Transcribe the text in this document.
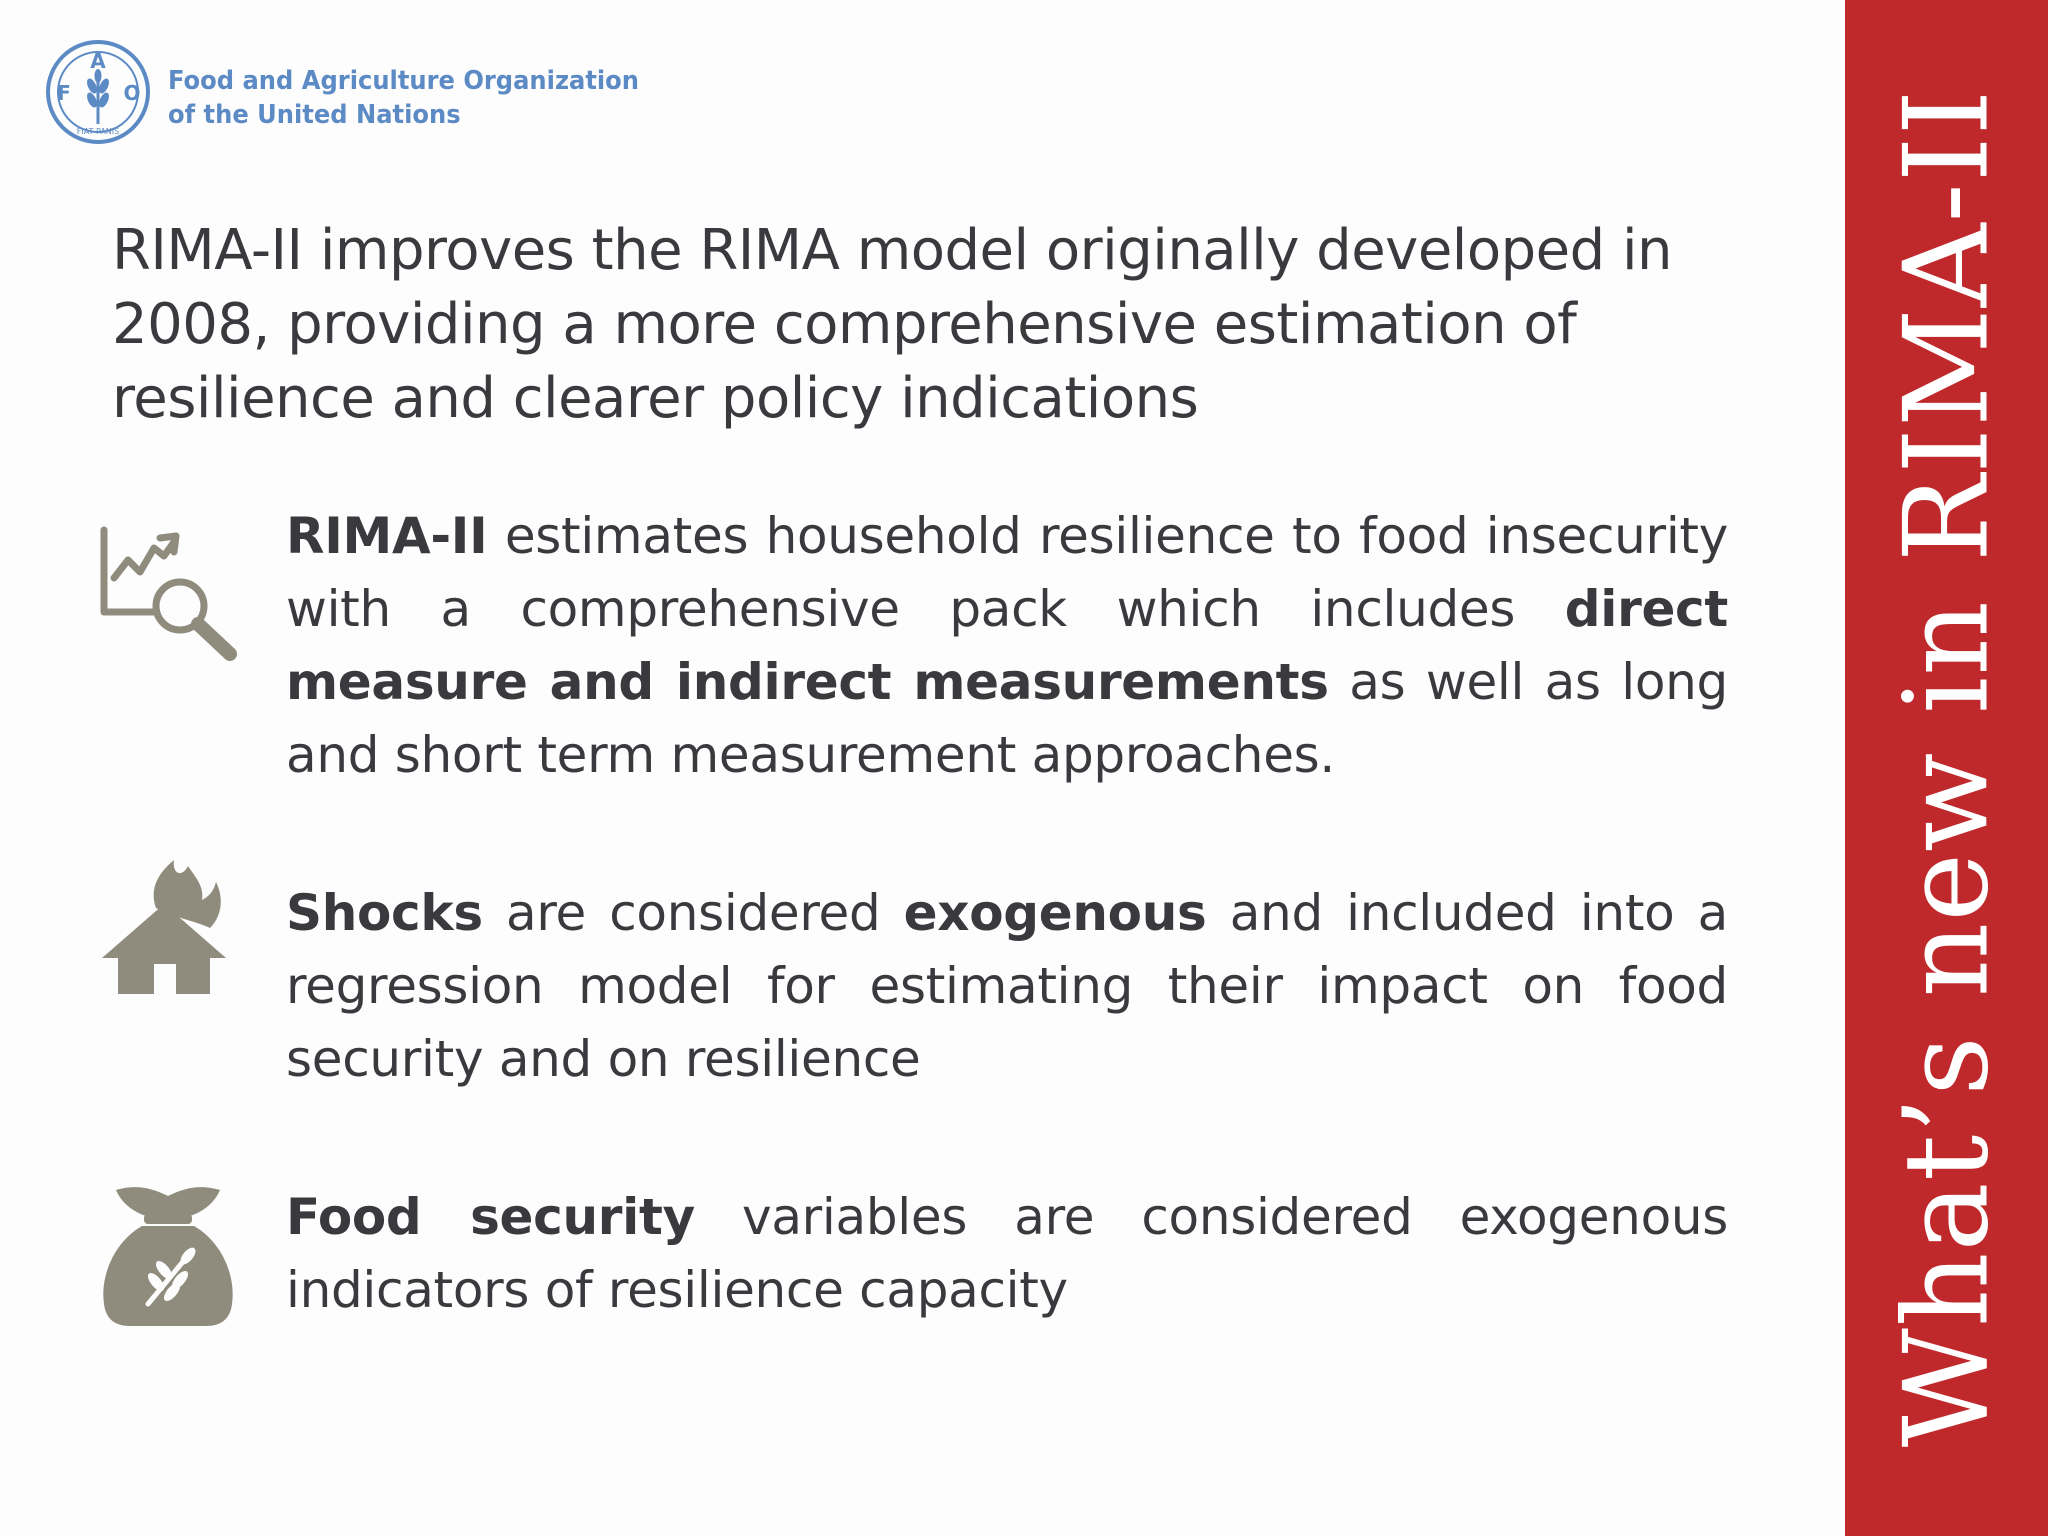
F
A
O
FIAT PANIS
Food and Agriculture Organization
of the United Nations
RIMA-II improves the RIMA model originally developed in 2008, providing a more comprehensive estimation of resilience and clearer policy indications
RIMA-II estimates household resilience to food insecurity with a comprehensive pack which includes direct measure and indirect measurements as well as long and short term measurement approaches.
Shocks are considered exogenous and included into a regression model for estimating their impact on food security and on resilience
Food security variables are considered exogenous indicators of resilience capacity	What’s new in RIMA-II
